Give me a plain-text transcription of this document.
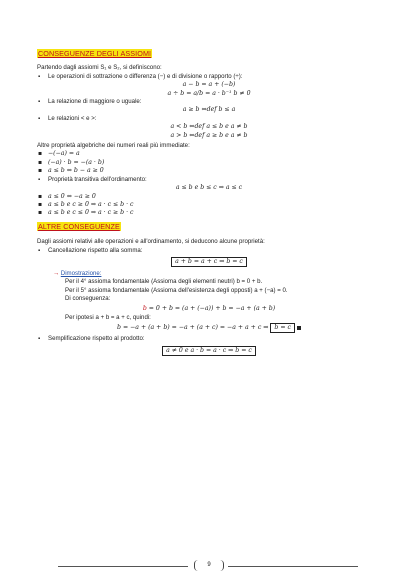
CONSEGUENZE DEGLI ASSIOMI
Partendo dagli assiomi S₁ e S₂, si definiscono:
▪ Le operazioni di sottrazione o differenza (−) e di divisione o rapporto (÷):
a − b = a + (−b)
a ÷ b = a/b = a · b⁻¹ b ≠ 0
▪ La relazione di maggiore o uguale:
a ≥ b ⇔def b ≤ a
▪ Le relazioni < e >:
a < b ⇔def a ≤ b e a ≠ b
a > b ⇔def a ≥ b e a ≠ b
Altre proprietà algebriche dei numeri reali più immediate:
▪ −(−a) = a
▪ (−a) · b = −(a · b)
▪ a ≤ b ⇔ b − a ≥ 0
▪ Proprietà transitiva dell'ordinamento:
a ≤ b e b ≤ c ⇒ a ≤ c
▪ a ≤ 0 ⇔ −a ≥ 0
▪ a ≤ b e c ≥ 0 ⇒ a · c ≤ b · c
▪ a ≤ b e c ≤ 0 ⇒ a · c ≥ b · c
ALTRE CONSEGUENZE
Dagli assiomi relativi alle operazioni e all'ordinamento, si deducono alcune proprietà:
▪ Cancellazione rispetto alla somma:
a + b = a + c ⇒ b = c
→ Dimostrazione:
Per il 4° assioma fondamentale (Assioma degli elementi neutri) b = 0 + b.
Per il 5° assioma fondamentale (Assioma dell'esistenza degli opposti) a + (−a) = 0.
Di conseguenza:
b = 0 + b = (a + (−a)) + b = −a + (a + b)
Per ipotesi a + b = a + c, quindi:
b = −a + (a + b) = −a + (a + c) = −a + a + c ⇒ b = c
▪ Semplificazione rispetto al prodotto:
a ≠ 0 e a · b = a · c ⇒ b = c
9
